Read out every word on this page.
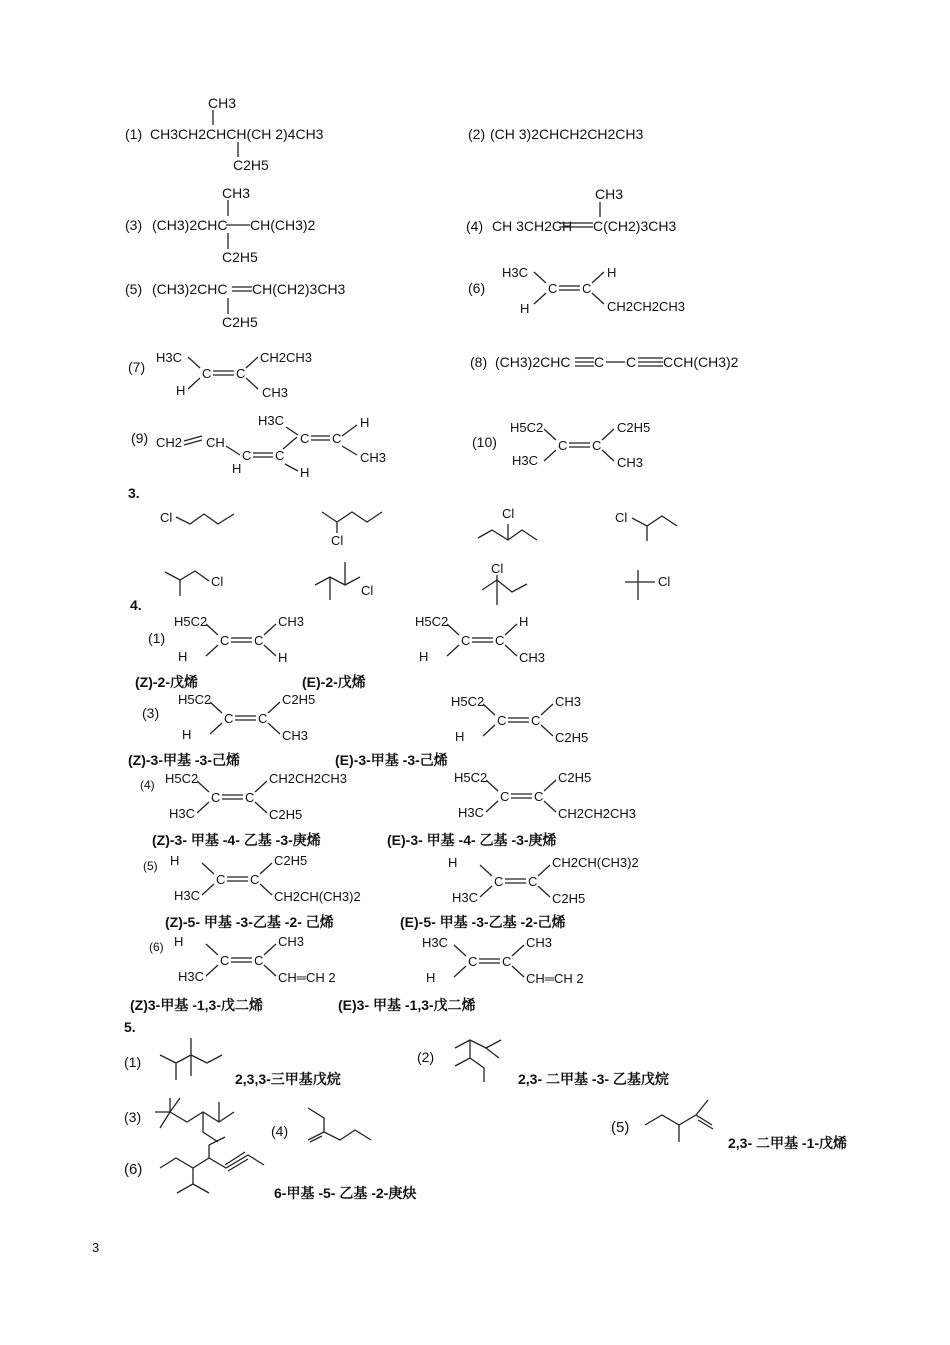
(1)
CH3
CH3CH2CHCH(CH 2)4CH3
C2H5
(2) (CH 3)2CHCH2CH2CH3
(3)
CH3
(CH3)2CHC CH(CH3)2
C2H5
(4)
CH3
CH 3CH2CH C(CH2)3CH3
(5) (CH3)2CHC CH(CH2)3CH3
C2H5
(6)
(7)	(8) (CH3)2CHC C C CCH(CH3)2
(9)	(10)
3.
4.
5.
(1)
(Z)-2-戊烯	(E)-2-戊烯
(3)
(Z)-3-甲基 -3-己烯	(E)-3-甲基 -3-己烯
(4)
(Z)-3- 甲基 -4- 乙基 -3-庚烯	(E)-3- 甲基 -4- 乙基 -3-庚烯
(5)
(Z)-5- 甲基 -3-乙基 -2- 己烯	(E)-5- 甲基 -3-乙基 -2-己烯
(6)
(Z)3-甲基 -1,3-戊二烯	(E)3- 甲基 -1,3-戊二烯
(1)
2,3,3-三甲基戊烷
(2)
2,3- 二甲基 -3- 乙基戊烷
(3)
(4)	(5)
2,3- 二甲基 -1-戊烯
(6)
6-甲基 -5- 乙基 -2-庚炔
3
C C
H3C	H
H	CH2CH2CH3
C C
H3C	CH2CH3
H	CH3
CH2 CH
C C
H
C C
H3C
H
H
CH3
C C
H5C2	C2H5
H3C	CH3
C C
H5C2	CH3
H	H
C C
H5C2	H
H	CH3
C C
H5C2	C2H5
H	CH3
C C
H5C2	CH3
H	C2H5
C C
H5C2	CH2CH2CH3
H3C	C2H5
C C
H5C2	C2H5
H3C	CH2CH2CH3
C C
H	C2H5
H3C	CH2CH(CH3)2
C C
H	CH2CH(CH3)2
H3C	C2H5
C C
H	CH3
H3C	CH═CH 2
C C
H3C	CH3
H	CH═CH 2
Cl
Cl
Cl	Cl
Cl
Cl
Cl
Cl
